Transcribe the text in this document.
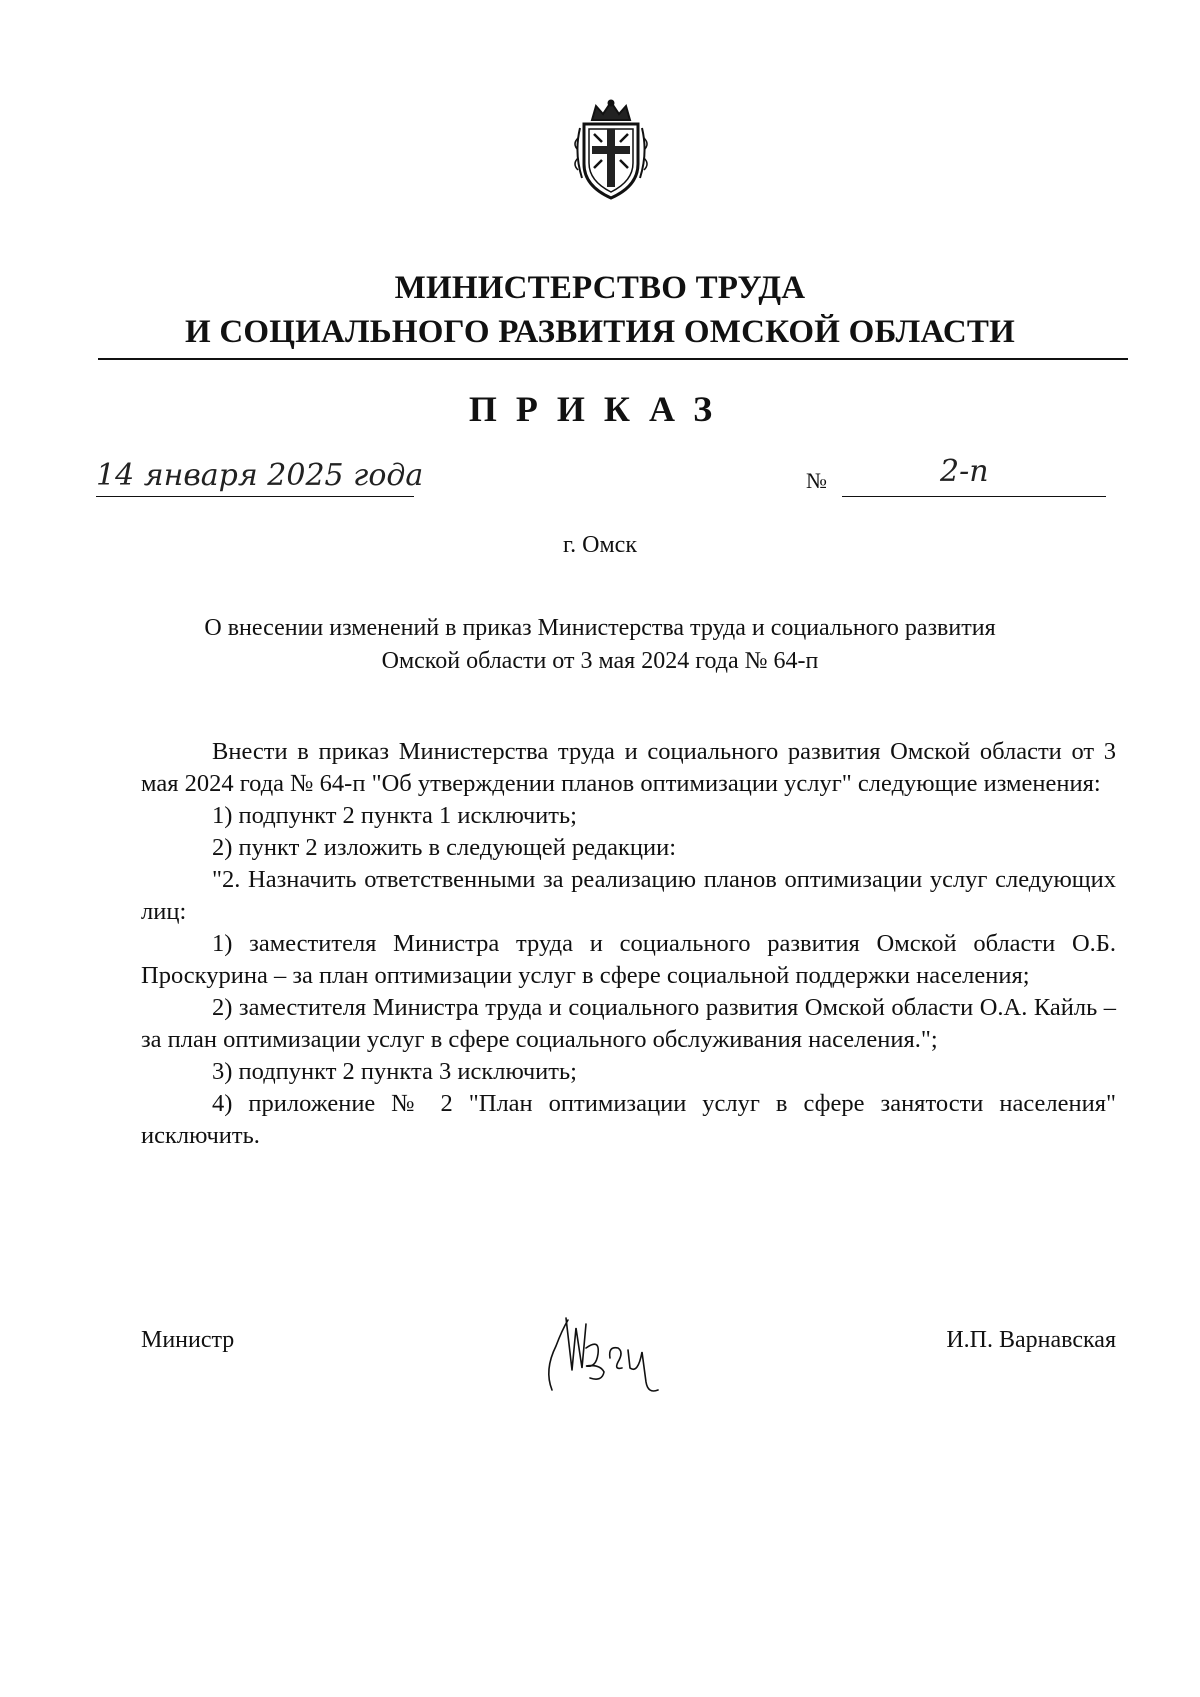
МИНИСТЕРСТВО ТРУДА
И СОЦИАЛЬНОГО РАЗВИТИЯ ОМСКОЙ ОБЛАСТИ
ПРИКАЗ
14 января 2025 года	№	2-п
г. Омск
О внесении изменений в приказ Министерства труда и социального развития
Омской области от 3 мая 2024 года № 64-п

Внести в приказ Министерства труда и социального развития Омской области от 3 мая 2024 года № 64-п "Об утверждении планов оптимизации услуг" следующие изменения:

1) подпункт 2 пункта 1 исключить;

2) пункт 2 изложить в следующей редакции:

"2. Назначить ответственными за реализацию планов оптимизации услуг следующих лиц:

1) заместителя Министра труда и социального развития Омской области О.Б. Проскурина – за план оптимизации услуг в сфере социальной поддержки населения;

2) заместителя Министра труда и социального развития Омской области О.А. Кайль – за план оптимизации услуг в сфере социального обслуживания населения.";

3) подпункт 2 пункта 3 исключить;

4) приложение № 2 "План оптимизации услуг в сфере занятости населения" исключить.

Министр	И.П. Варнавская
